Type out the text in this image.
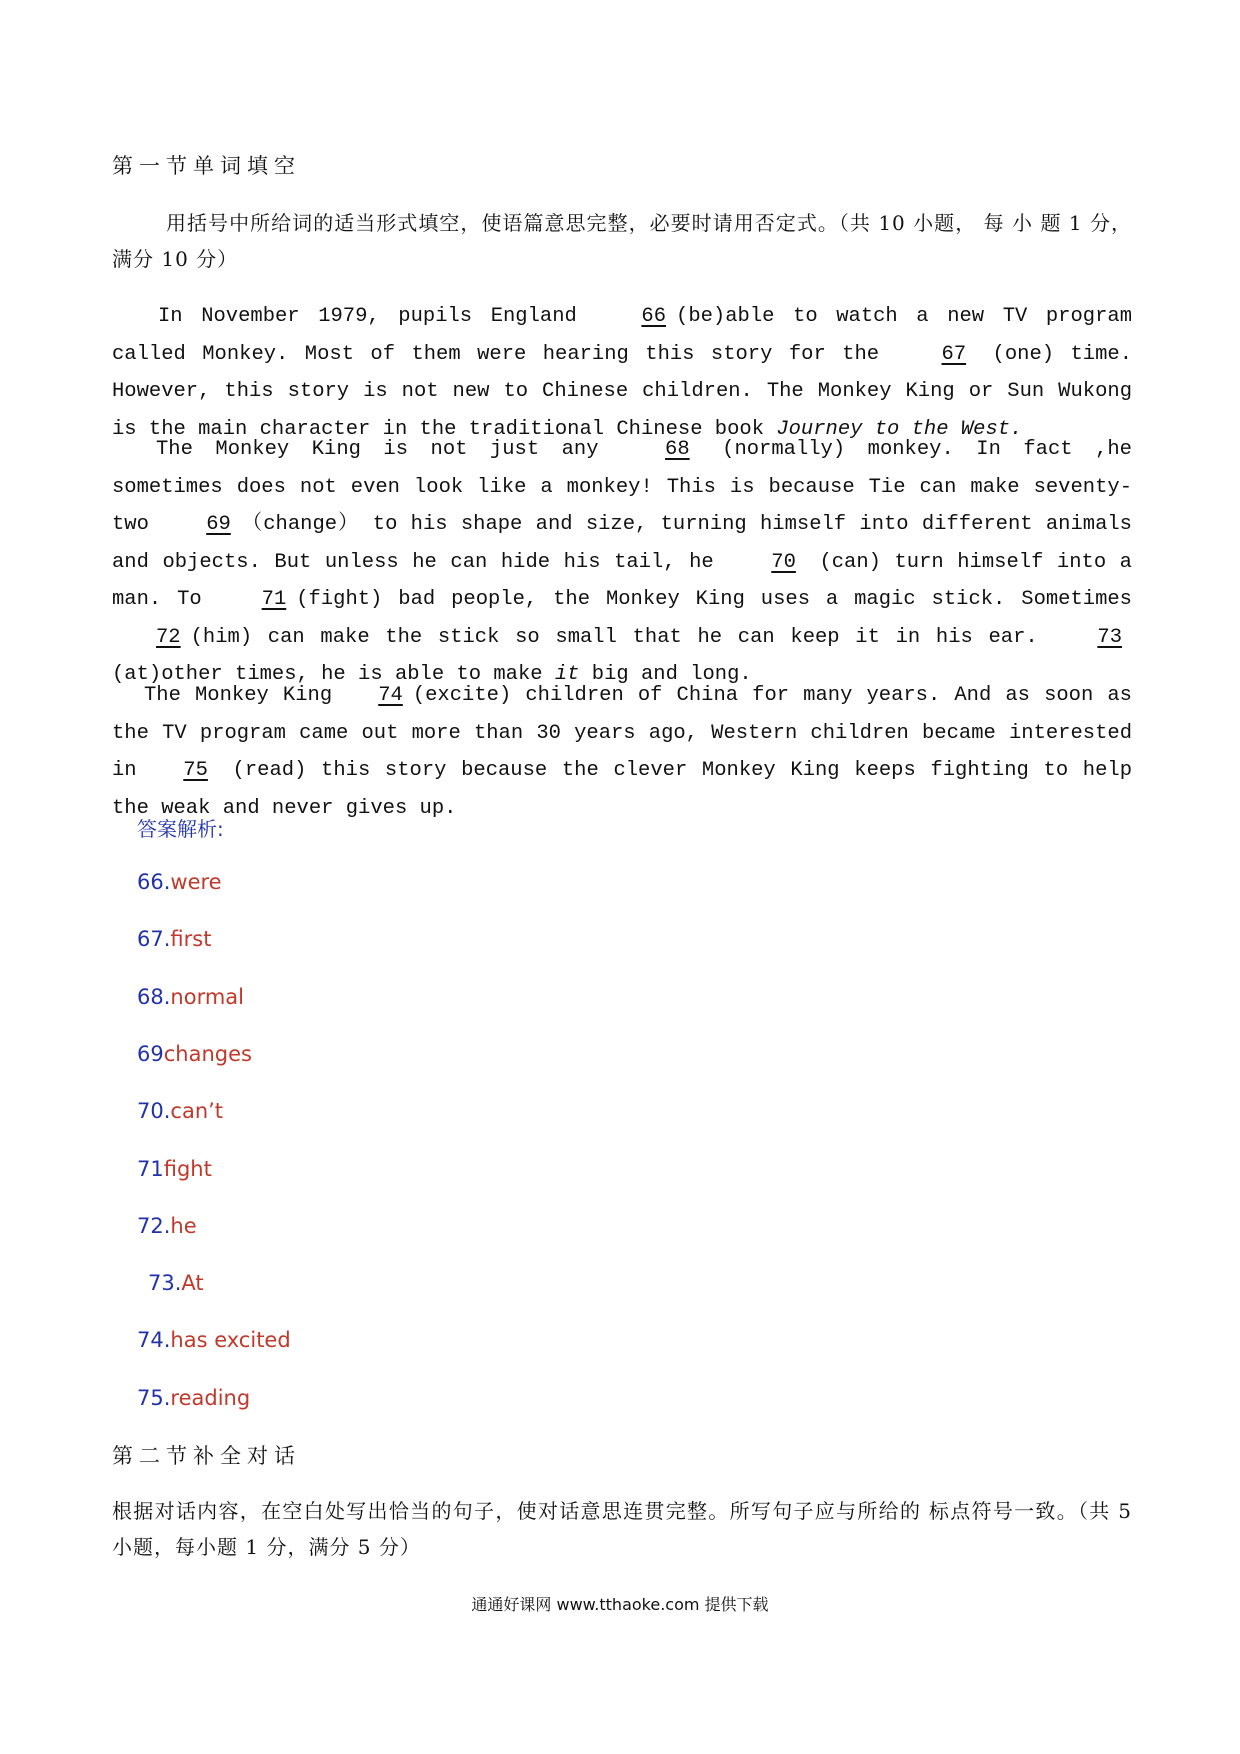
第一节单词填空
用括号中所给词的适当形式填空，使语篇意思完整，必要时请用否定式。（共 10 小题， 每 小 题 1 分， 满分 10 分）
In November 1979, pupils England 66 (be)able to watch a new TV program called Monkey. Most of them were hearing this story for the 67 (one) time. However, this story is not new to Chinese children. The Monkey King or Sun Wukong is the main character in the traditional Chinese book Journey to the West.
The Monkey King is not just any 68 (normally) monkey. In fact ,he sometimes does not even look like a monkey! This is because Tie can make seventy-two 69 （change） to his shape and size, turning himself into different animals and objects. But unless he can hide his tail, he 70 (can) turn himself into a man. To 71 (fight) bad people, the Monkey King uses a magic stick. Sometimes 72 (him) can make the stick so small that he can keep it in his ear. 73(at)other times, he is able to make it big and long.
The Monkey King 74 (excite) children of China for many years. And as soon as the TV program came out more than 30 years ago, Western children became interested in 75 (read) this story because the clever Monkey King keeps fighting to help the weak and never gives up.
答案解析:
66.were
67.first
68.normal
69changes
70.can’t
71fight
72.he
73.At
74.has excited
75.reading
第二节补全对话
根据对话内容，在空白处写出恰当的句子，使对话意思连贯完整。所写句子应与所给的 标点符号一致。（共 5 小题，每小题 1 分，满分 5 分）
通通好课网 www.tthaoke.com 提供下载
